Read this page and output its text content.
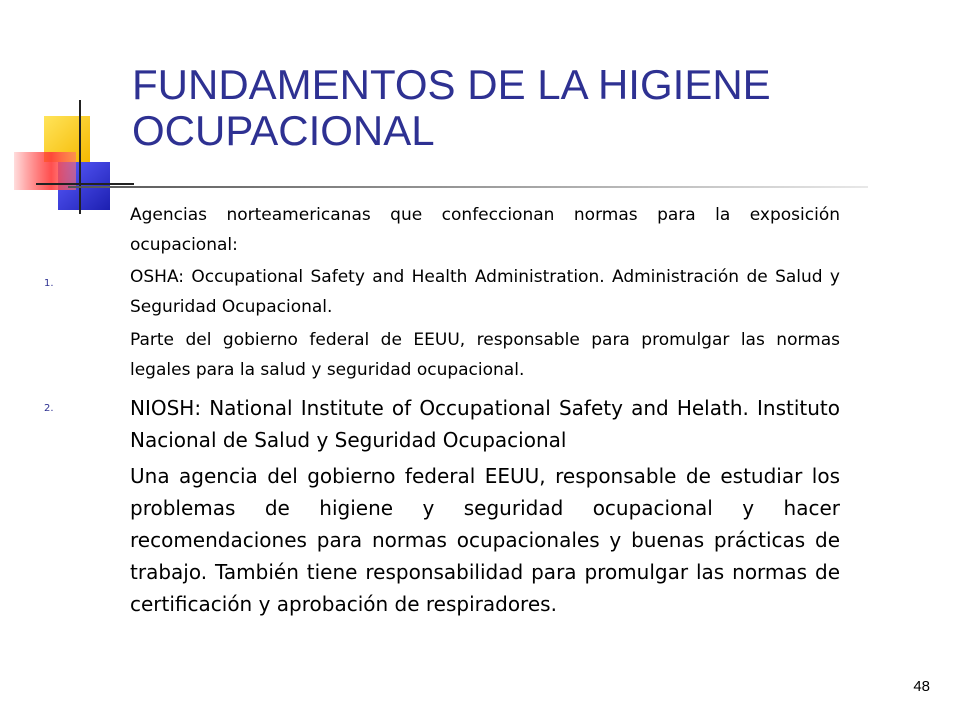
FUNDAMENTOS DE LA HIGIENE OCUPACIONAL

Agencias norteamericanas que confeccionan normas para la exposición ocupacional:

1.	OSHA: Occupational Safety and Health Administration. Administración de Salud y Seguridad Ocupacional.

Parte del gobierno federal de EEUU, responsable para promulgar las normas legales para la salud y seguridad ocupacional.

2.	NIOSH: National Institute of Occupational Safety and Helath. Instituto Nacional de Salud y Seguridad Ocupacional

Una agencia del gobierno federal EEUU, responsable de estudiar los problemas de higiene y seguridad ocupacional y hacer recomendaciones para normas ocupacionales y buenas prácticas de trabajo. También tiene responsabilidad para promulgar las normas de certificación y aprobación de respiradores.

48
